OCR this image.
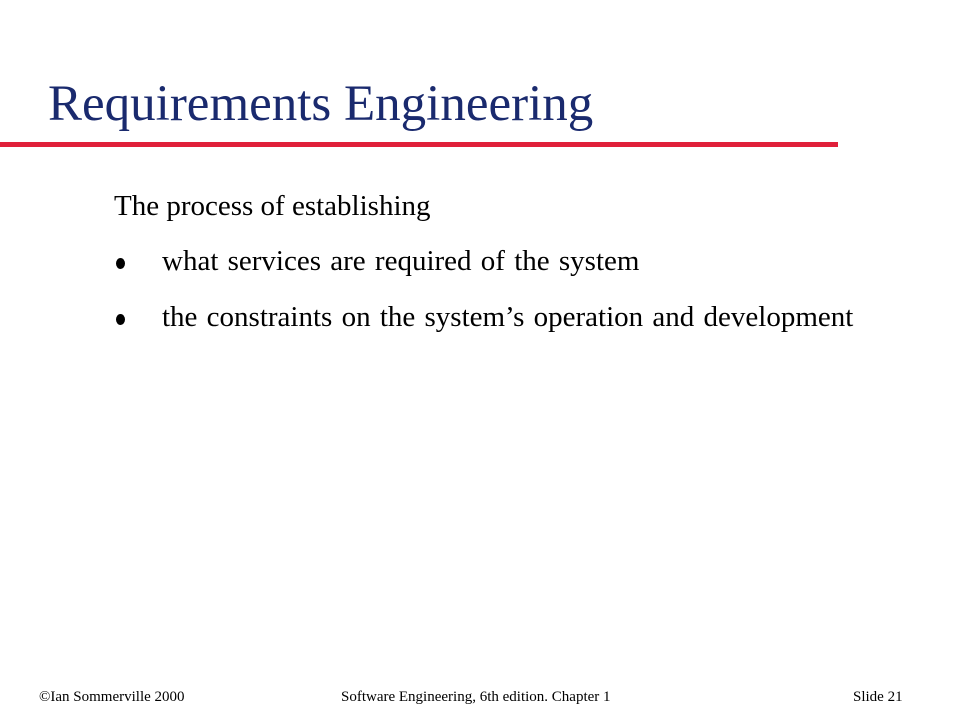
Requirements Engineering
The process of establishing
what services are required of the system
the constraints on the system’s operation and development
©Ian Sommerville 2000	Software Engineering, 6th edition. Chapter 1	Slide 21
